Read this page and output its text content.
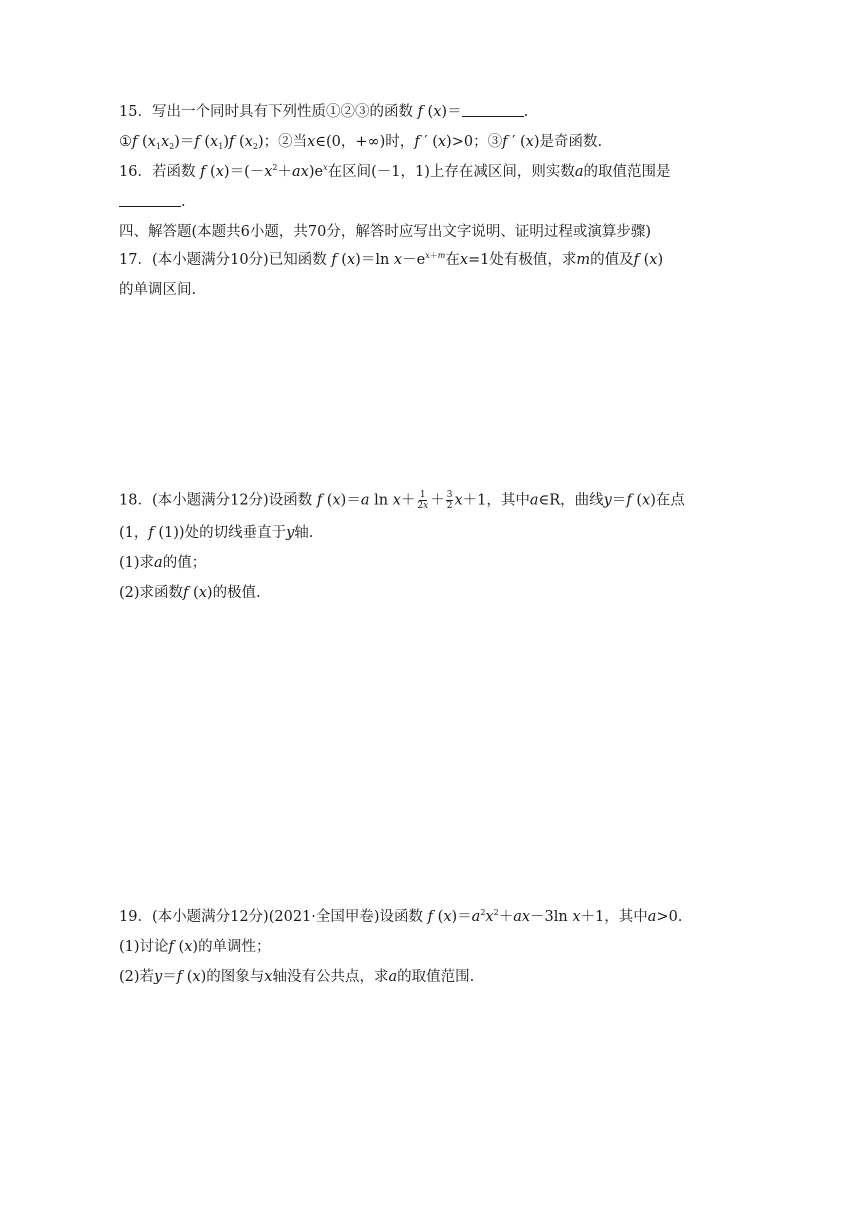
15．写出一个同时具有下列性质①②③的函数 f (x)＝	.
①f $(x_1x_2)=f$ $(x_1)f$ $(x_2)$；②当x∈(0，+∞)时，f ′ (x)>0；③f ′ (x)是奇函数.
16．若函数 f $(x)=(-x^2+ax)e^x$在区间(－1，1)上存在减区间，则实数a的取值范围是
.
四、解答题(本题共6小题，共70分，解答时应写出文字说明、证明过程或演算步骤)
17．(本小题满分10分)已知函数 f (x)＝ln $x-e^{x+m}$在x=1处有极值，求m的值及f (x)
的单调区间.
18．(本小题满分12分)设函数 f (x)＝a $\ln x+ \frac{1}{2x} + \frac{3}{2} x+1$，其中a∈R，曲线y＝f (x)在点
(1，f (1))处的切线垂直于y轴.
(1)求a的值；
(2)求函数f (x)的极值.
19．(本小题满分12分)(2021·全国甲卷)设函数 f $(x)=a^2x^2+ax-3\ln$ x＋1，其中a>0.
(1)讨论f (x)的单调性；
(2)若y＝f (x)的图象与x轴没有公共点，求a的取值范围.
